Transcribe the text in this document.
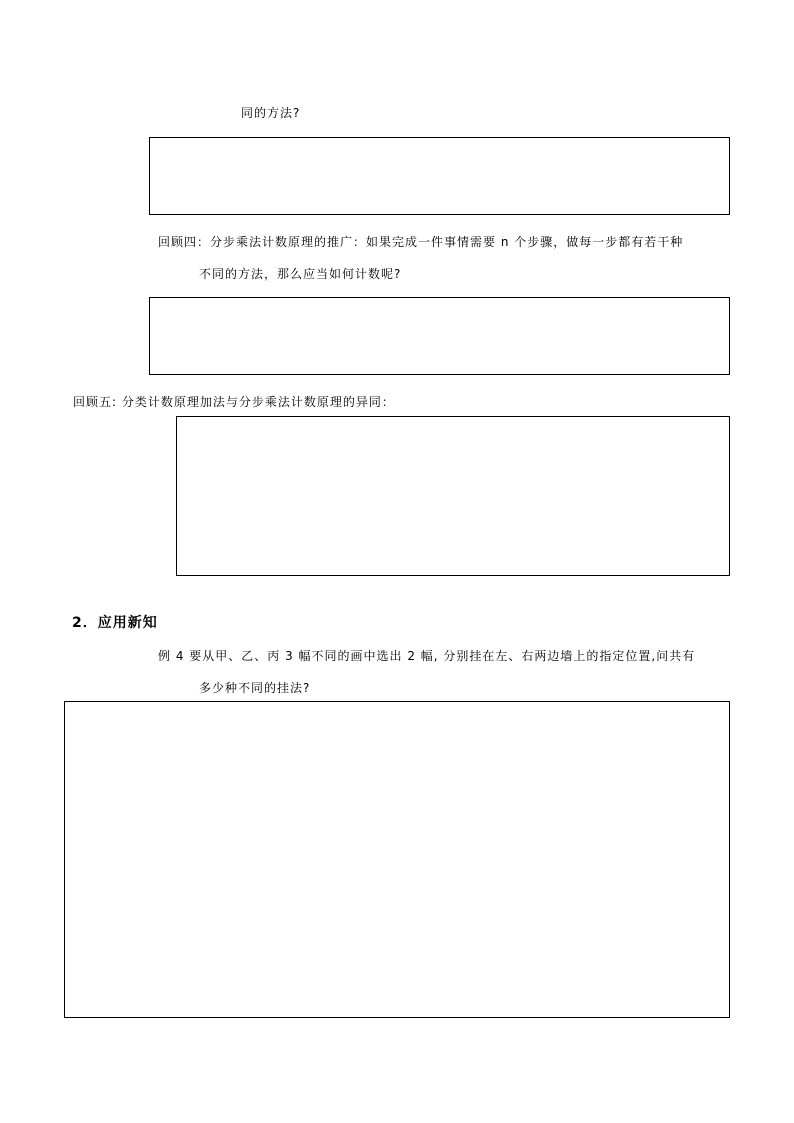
同的方法?
回顾四：分步乘法计数原理的推广：如果完成一件事情需要 n 个步骤，做每一步都有若干种
不同的方法，那么应当如何计数呢?
回顾五: 分类计数原理加法与分步乘法计数原理的异同：
2．应用新知
例 4 要从甲、乙、丙 3 幅不同的画中选出 2 幅, 分别挂在左、右两边墙上的指定位置,问共有
多少种不同的挂法?
